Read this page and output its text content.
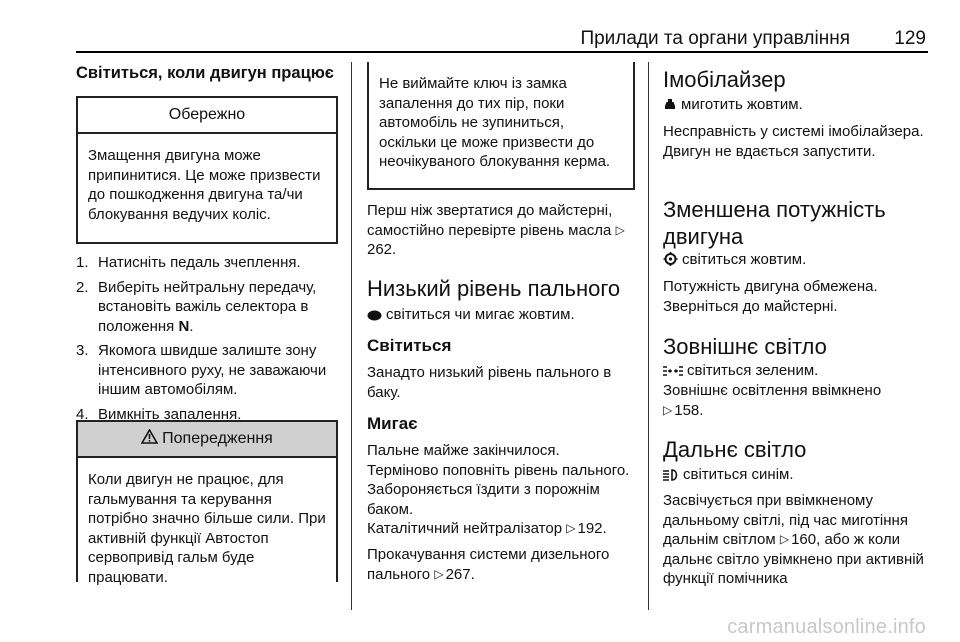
Прилади та органи управління 129
Світиться, коли двигун працює
Обережно
Змащення двигуна може припинитися. Це може призвести до пошкодження двигуна та/чи блокування ведучих коліс.
1. Натисніть педаль зчеплення.
2. Виберіть нейтральну передачу, встановіть важіль селектора в положення N.
3. Якомога швидше залиште зону інтенсивного руху, не заважаючи іншим автомобілям.
4. Вимкніть запалення.
Попередження
Коли двигун не працює, для гальмування та керування потрібно значно більше сили. При активній функції Автостоп сервопривід гальм буде працювати.
Не виймайте ключ із замка запалення до тих пір, поки автомобіль не зупиниться, оскільки це може призвести до неочікуваного блокування керма.
Перш ніж звертатися до майстерні, самостійно перевірте рівень масла ▷262.
Низький рівень пального
світиться чи мигає жовтим.
Світиться
Занадто низький рівень пального в баку.
Мигає
Пальне майже закінчилося. Терміново поповніть рівень пального. Забороняється їздити з порожнім баком.
Каталітичний нейтралізатор ▷ 192.
Прокачування системи дизельного пального ▷ 267.
Імобілайзер
миготить жовтим.
Несправність у системі імобілайзера. Двигун не вдається запустити.
Зменшена потужність
двигуна
світиться жовтим.
Потужність двигуна обмежена. Зверніться до майстерні.
Зовнішнє світло
світиться зеленим.
Зовнішнє освітлення ввімкнено
▷ 158.
Дальнє світло
світиться синім.
Засвічується при ввімкненому дальньому світлі, під час миготіння дальнім світлом ▷ 160, або ж коли дальнє світло увімкнено при активній функції помічника
carmanualsonline.info
